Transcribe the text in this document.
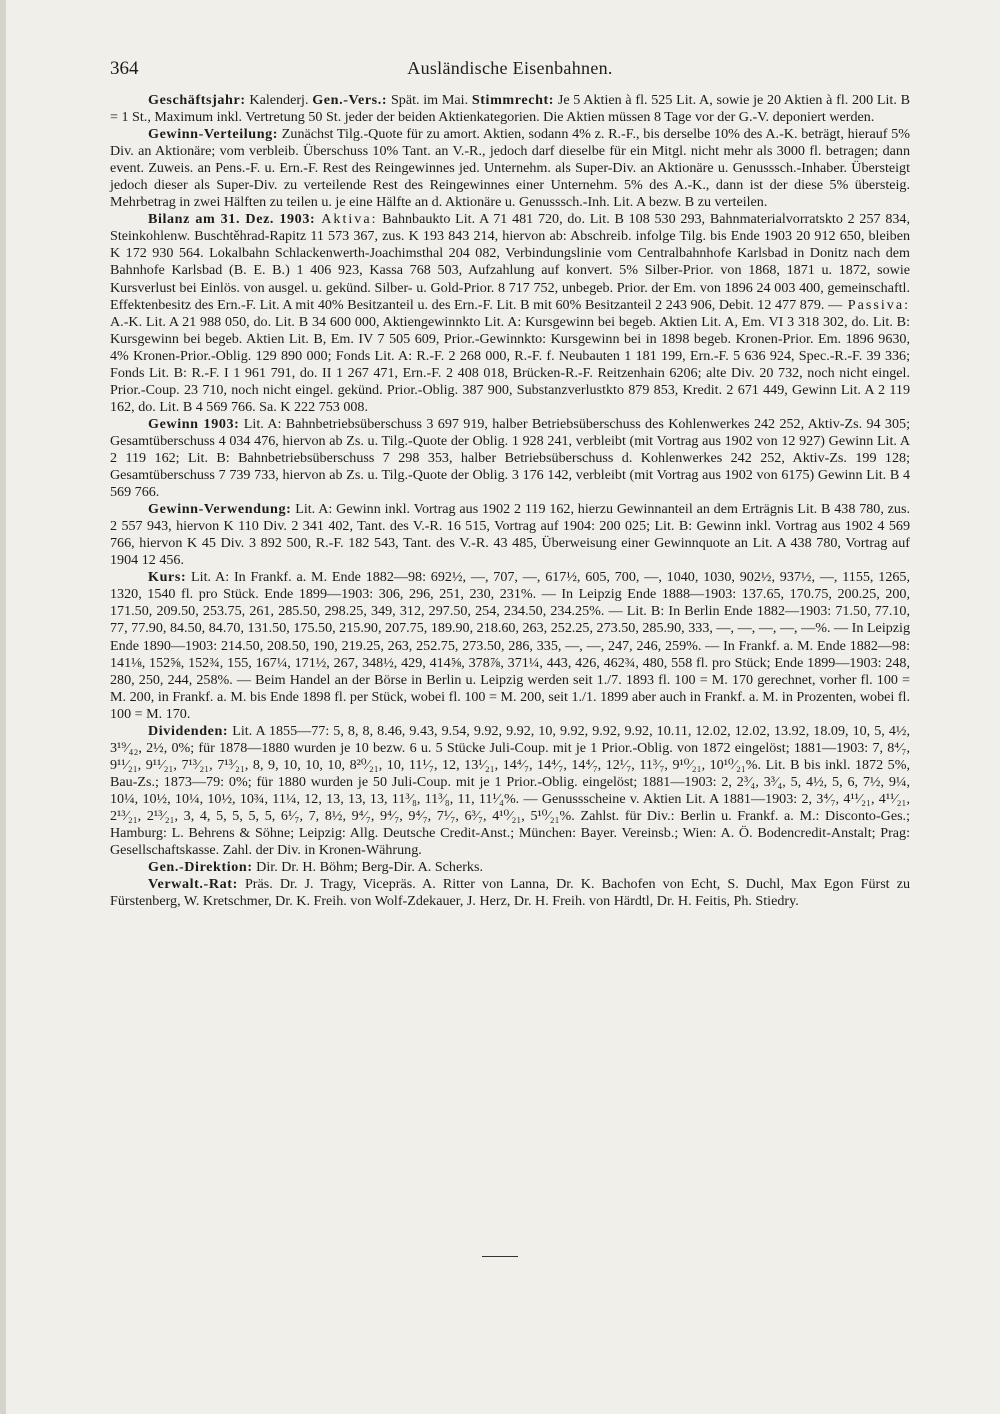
364	Ausländische Eisenbahnen.

Geschäftsjahr: Kalenderj. Gen.-Vers.: Spät. im Mai. Stimmrecht: Je 5 Aktien à fl. 525 Lit. A, sowie je 20 Aktien à fl. 200 Lit. B = 1 St., Maximum inkl. Vertretung 50 St. jeder der beiden Aktienkategorien. Die Aktien müssen 8 Tage vor der G.-V. deponiert werden.

Gewinn-Verteilung: Zunächst Tilg.-Quote für zu amort. Aktien, sodann 4% z. R.-F., bis derselbe 10% des A.-K. beträgt, hierauf 5% Div. an Aktionäre; vom verbleib. Überschuss 10% Tant. an V.-R., jedoch darf dieselbe für ein Mitgl. nicht mehr als 3000 fl. betragen; dann event. Zuweis. an Pens.-F. u. Ern.-F. Rest des Reingewinnes jed. Unternehm. als Super-Div. an Aktionäre u. Genusssch.-Inhaber. Übersteigt jedoch dieser als Super-Div. zu verteilende Rest des Reingewinnes einer Unternehm. 5% des A.-K., dann ist der diese 5% übersteig. Mehrbetrag in zwei Hälften zu teilen u. je eine Hälfte an d. Aktionäre u. Genusssch.-Inh. Lit. A bezw. B zu verteilen.

Bilanz am 31. Dez. 1903: Aktiva: Bahnbaukto Lit. A 71 481 720, do. Lit. B 108 530 293, Bahnmaterialvorratskto 2 257 834, Steinkohlenw. Buschtěhrad-Rapitz 11 573 367, zus. K 193 843 214, hiervon ab: Abschreib. infolge Tilg. bis Ende 1903 20 912 650, bleiben K 172 930 564. Lokalbahn Schlackenwerth-Joachimsthal 204 082, Verbindungslinie vom Centralbahnhofe Karlsbad in Donitz nach dem Bahnhofe Karlsbad (B. E. B.) 1 406 923, Kassa 768 503, Aufzahlung auf konvert. 5% Silber-Prior. von 1868, 1871 u. 1872, sowie Kursverlust bei Einlös. von ausgel. u. gekünd. Silber- u. Gold-Prior. 8 717 752, unbegeb. Prior. der Em. von 1896 24 003 400, gemeinschaftl. Effektenbesitz des Ern.-F. Lit. A mit 40% Besitzanteil u. des Ern.-F. Lit. B mit 60% Besitzanteil 2 243 906, Debit. 12 477 879. — Passiva: A.-K. Lit. A 21 988 050, do. Lit. B 34 600 000, Aktiengewinnkto Lit. A: Kursgewinn bei begeb. Aktien Lit. A, Em. VI 3 318 302, do. Lit. B: Kursgewinn bei begeb. Aktien Lit. B, Em. IV 7 505 609, Prior.-Gewinnkto: Kursgewinn bei in 1898 begeb. Kronen-Prior. Em. 1896 9630, 4% Kronen-Prior.-Oblig. 129 890 000; Fonds Lit. A: R.-F. 2 268 000, R.-F. f. Neubauten 1 181 199, Ern.-F. 5 636 924, Spec.-R.-F. 39 336; Fonds Lit. B: R.-F. I 1 961 791, do. II 1 267 471, Ern.-F. 2 408 018, Brücken-R.-F. Reitzenhain 6206; alte Div. 20 732, noch nicht eingel. Prior.-Coup. 23 710, noch nicht eingel. gekünd. Prior.-Oblig. 387 900, Substanzverlustkto 879 853, Kredit. 2 671 449, Gewinn Lit. A 2 119 162, do. Lit. B 4 569 766. Sa. K 222 753 008.

Gewinn 1903: Lit. A: Bahnbetriebsüberschuss 3 697 919, halber Betriebsüberschuss des Kohlenwerkes 242 252, Aktiv-Zs. 94 305; Gesamtüberschuss 4 034 476, hiervon ab Zs. u. Tilg.-Quote der Oblig. 1 928 241, verbleibt (mit Vortrag aus 1902 von 12 927) Gewinn Lit. A 2 119 162; Lit. B: Bahnbetriebsüberschuss 7 298 353, halber Betriebsüberschuss d. Kohlenwerkes 242 252, Aktiv-Zs. 199 128; Gesamtüberschuss 7 739 733, hiervon ab Zs. u. Tilg.-Quote der Oblig. 3 176 142, verbleibt (mit Vortrag aus 1902 von 6175) Gewinn Lit. B 4 569 766.

Gewinn-Verwendung: Lit. A: Gewinn inkl. Vortrag aus 1902 2 119 162, hierzu Gewinnanteil an dem Erträgnis Lit. B 438 780, zus. 2 557 943, hiervon K 110 Div. 2 341 402, Tant. des V.-R. 16 515, Vortrag auf 1904: 200 025; Lit. B: Gewinn inkl. Vortrag aus 1902 4 569 766, hiervon K 45 Div. 3 892 500, R.-F. 182 543, Tant. des V.-R. 43 485, Überweisung einer Gewinnquote an Lit. A 438 780, Vortrag auf 1904 12 456.

Kurs: Lit. A: In Frankf. a. M. Ende 1882—98: 692½, —, 707, —, 617½, 605, 700, —, 1040, 1030, 902½, 937½, —, 1155, 1265, 1320, 1540 fl. pro Stück. Ende 1899—1903: 306, 296, 251, 230, 231%. — In Leipzig Ende 1888—1903: 137.65, 170.75, 200.25, 200, 171.50, 209.50, 253.75, 261, 285.50, 298.25, 349, 312, 297.50, 254, 234.50, 234.25%. — Lit. B: In Berlin Ende 1882—1903: 71.50, 77.10, 77, 77.90, 84.50, 84.70, 131.50, 175.50, 215.90, 207.75, 189.90, 218.60, 263, 252.25, 273.50, 285.90, 333, —, —, —, —, —%. — In Leipzig Ende 1890—1903: 214.50, 208.50, 190, 219.25, 263, 252.75, 273.50, 286, 335, —, —, 247, 246, 259%. — In Frankf. a. M. Ende 1882—98: 141⅛, 152⅝, 152¾, 155, 167¼, 171½, 267, 348½, 429, 414⅝, 378⅞, 371¼, 443, 426, 462¾, 480, 558 fl. pro Stück; Ende 1899—1903: 248, 280, 250, 244, 258%. — Beim Handel an der Börse in Berlin u. Leipzig werden seit 1./7. 1893 fl. 100 = M. 170 gerechnet, vorher fl. 100 = M. 200, in Frankf. a. M. bis Ende 1898 fl. per Stück, wobei fl. 100 = M. 200, seit 1./1. 1899 aber auch in Frankf. a. M. in Prozenten, wobei fl. 100 = M. 170.

Dividenden: Lit. A 1855—77: 5, 8, 8, 8.46, 9.43, 9.54, 9.92, 9.92, 10, 9.92, 9.92, 9.92, 10.11, 12.02, 12.02, 13.92, 18.09, 10, 5, 4½, 3¹⁹⁄₄₂, 2½, 0%; für 1878—1880 wurden je 10 bezw. 6 u. 5 Stücke Juli-Coup. mit je 1 Prior.-Oblig. von 1872 eingelöst; 1881—1903: 7, 8⁴⁄₇, 9¹¹⁄₂₁, 9¹¹⁄₂₁, 7¹³⁄₂₁, 7¹³⁄₂₁, 8, 9, 10, 10, 10, 8²⁰⁄₂₁, 10, 11¹⁄₇, 12, 13¹⁄₂₁, 14⁴⁄₇, 14⁴⁄₇, 14⁴⁄₇, 12¹⁄₇, 11³⁄₇, 9¹⁰⁄₂₁, 10¹⁰⁄₂₁%. Lit. B bis inkl. 1872 5%, Bau-Zs.; 1873—79: 0%; für 1880 wurden je 50 Juli-Coup. mit je 1 Prior.-Oblig. eingelöst; 1881—1903: 2, 2³⁄₄, 3³⁄₄, 5, 4½, 5, 6, 7½, 9¼, 10¼, 10½, 10¼, 10½, 10¾, 11¼, 12, 13, 13, 13, 11³⁄₈, 11³⁄₈, 11, 11¹⁄₄%. — Genussscheine v. Aktien Lit. A 1881—1903: 2, 3⁴⁄₇, 4¹¹⁄₂₁, 4¹¹⁄₂₁, 2¹³⁄₂₁, 2¹³⁄₂₁, 3, 4, 5, 5, 5, 5, 6¹⁄₇, 7, 8½, 9⁴⁄₇, 9⁴⁄₇, 9⁴⁄₇, 7¹⁄₇, 6³⁄₇, 4¹⁰⁄₂₁, 5¹⁰⁄₂₁%. Zahlst. für Div.: Berlin u. Frankf. a. M.: Disconto-Ges.; Hamburg: L. Behrens & Söhne; Leipzig: Allg. Deutsche Credit-Anst.; München: Bayer. Vereinsb.; Wien: A. Ö. Bodencredit-Anstalt; Prag: Gesellschaftskasse. Zahl. der Div. in Kronen-Währung.

Gen.-Direktion: Dir. Dr. H. Böhm; Berg-Dir. A. Scherks.

Verwalt.-Rat: Präs. Dr. J. Tragy, Vicepräs. A. Ritter von Lanna, Dr. K. Bachofen von Echt, S. Duchl, Max Egon Fürst zu Fürstenberg, W. Kretschmer, Dr. K. Freih. von Wolf-Zdekauer, J. Herz, Dr. H. Freih. von Härdtl, Dr. H. Feitis, Ph. Stiedry.
